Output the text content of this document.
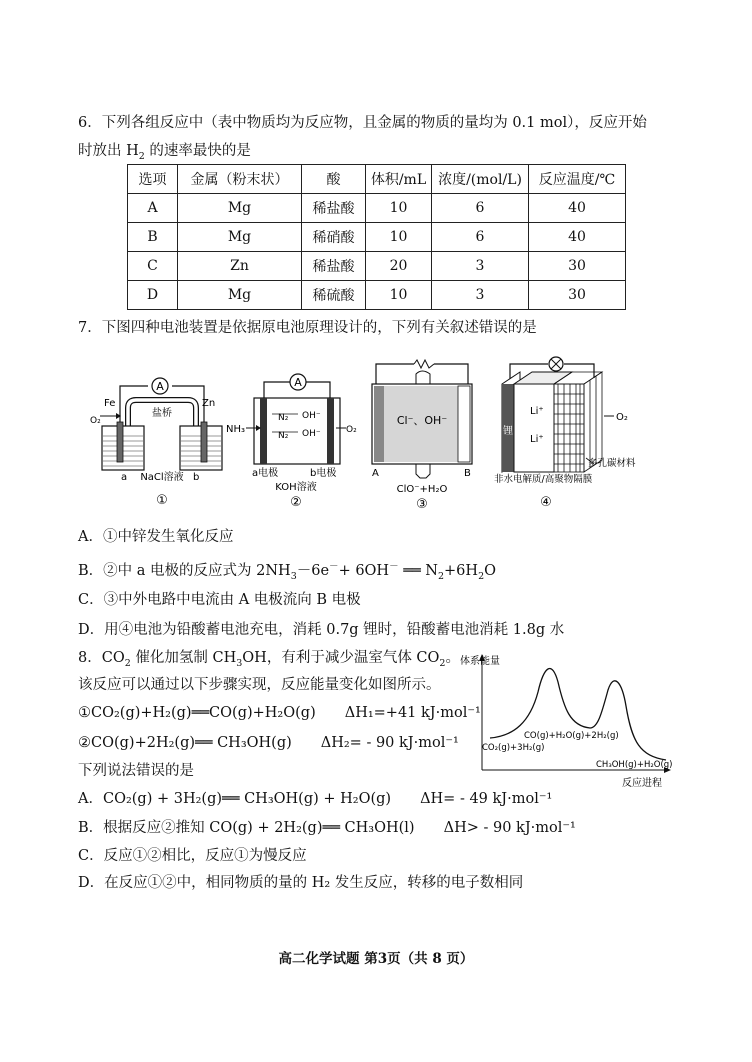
6．下列各组反应中（表中物质均为反应物，且金属的物质的量均为 0.1 mol），反应开始
时放出 $H_2$ 的速率最快的是
选项	金属（粉末状）	酸	体积/mL	浓度/(mol/L)	反应温度/℃
A	Mg	稀盐酸	10	6	40
B	Mg	稀硝酸	10	6	40
C	Zn	稀盐酸	20	3	30
D	Mg	稀硫酸	10	3	30
7．下图四种电池装置是依据原电池原理设计的，下列有关叙述错误的是
A
盐桥
Fe	Zn
O₂
a	b
NaCl溶液
①
A
NH₃
N₂
N₂
OH⁻
OH⁻	O₂
a电极	b电极
KOH溶液
②
Cl⁻、OH⁻
A	B
ClO⁻+H₂O
③
锂
Li⁺
Li⁺
O₂
多孔碳材料
非水电解质/高聚物隔膜
④
A．①中锌发生氧化反应
B．②中 a 电极的反应式为 $2NH_3-6e^-+ 6OH^-$ ══ $N_2+6H_2O$
C．③中外电路中电流由 A 电极流向 B 电极
D．用④电池为铅酸蓄电池充电，消耗 0.7g 锂时，铅酸蓄电池消耗 1.8g 水
8．$CO_2$ 催化加氢制 $CH_3OH$，有利于减少温室气体 $CO_2$。
该反应可以通过以下步骤实现，反应能量变化如图所示。
①CO₂(g)+H₂(g)══CO(g)+H₂O(g)　　ΔH₁=+41 kJ·mol⁻¹
②CO(g)+2H₂(g)══ CH₃OH(g)　　ΔH₂= - 90 kJ·mol⁻¹
下列说法错误的是
体系能量
反应进程
CO₂(g)+3H₂(g)
CO(g)+H₂O(g)+2H₂(g)
CH₃OH(g)+H₂O(g)
A．CO₂(g) + 3H₂(g)══ CH₃OH(g) + H₂O(g)　　ΔH= - 49 kJ·mol⁻¹
B．根据反应②推知 CO(g) + 2H₂(g)══ CH₃OH(l)　　ΔH> - 90 kJ·mol⁻¹
C．反应①②相比，反应①为慢反应
D．在反应①②中，相同物质的量的 H₂ 发生反应，转移的电子数相同
高二化学试题 第3页（共 8 页）
